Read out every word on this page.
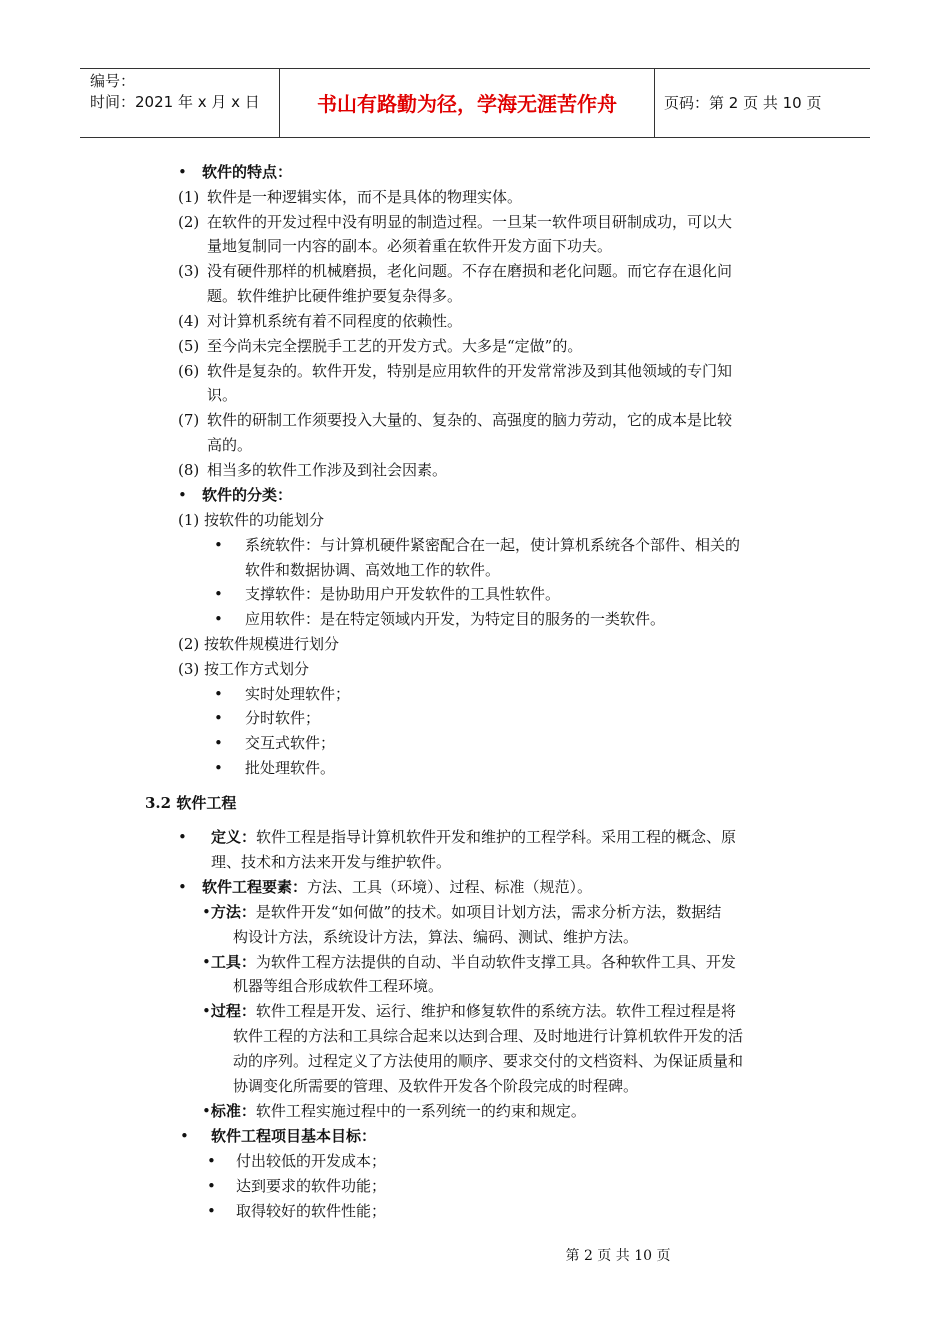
编号：
时间：2021 年 x 月 x 日	书山有路勤为径，学海无涯苦作舟	页码：第 2 页 共 10 页
• 软件的特点：
(1) 软件是一种逻辑实体，而不是具体的物理实体。
(2) 在软件的开发过程中没有明显的制造过程。一旦某一软件项目研制成功，可以大
量地复制同一内容的副本。必须着重在软件开发方面下功夫。
(3) 没有硬件那样的机械磨损，老化问题。不存在磨损和老化问题。而它存在退化问
题。软件维护比硬件维护要复杂得多。
(4) 对计算机系统有着不同程度的依赖性。
(5) 至今尚未完全摆脱手工艺的开发方式。大多是“定做”的。
(6) 软件是复杂的。软件开发，特别是应用软件的开发常常涉及到其他领域的专门知
识。
(7) 软件的研制工作须要投入大量的、复杂的、高强度的脑力劳动，它的成本是比较
高的。
(8) 相当多的软件工作涉及到社会因素。
• 软件的分类：
(1) 按软件的功能划分
• 系统软件：与计算机硬件紧密配合在一起，使计算机系统各个部件、相关的
软件和数据协调、高效地工作的软件。
• 支撑软件：是协助用户开发软件的工具性软件。
• 应用软件：是在特定领域内开发，为特定目的服务的一类软件。
(2) 按软件规模进行划分
(3) 按工作方式划分
• 实时处理软件；
• 分时软件；
• 交互式软件；
• 批处理软件。
3.2 软件工程
• 定义：软件工程是指导计算机软件开发和维护的工程学科。采用工程的概念、原
理、技术和方法来开发与维护软件。
• 软件工程要素：方法、工具（环境）、过程、标准（规范）。
•方法：是软件开发“如何做”的技术。如项目计划方法，需求分析方法，数据结
构设计方法，系统设计方法，算法、编码、测试、维护方法。
•工具：为软件工程方法提供的自动、半自动软件支撑工具。各种软件工具、开发
机器等组合形成软件工程环境。
•过程：软件工程是开发、运行、维护和修复软件的系统方法。软件工程过程是将
软件工程的方法和工具综合起来以达到合理、及时地进行计算机软件开发的活
动的序列。过程定义了方法使用的顺序、要求交付的文档资料、为保证质量和
协调变化所需要的管理、及软件开发各个阶段完成的时程碑。
•标准：软件工程实施过程中的一系列统一的约束和规定。
• 软件工程项目基本目标：
• 付出较低的开发成本；
• 达到要求的软件功能；
• 取得较好的软件性能；
第 2 页 共 10 页
